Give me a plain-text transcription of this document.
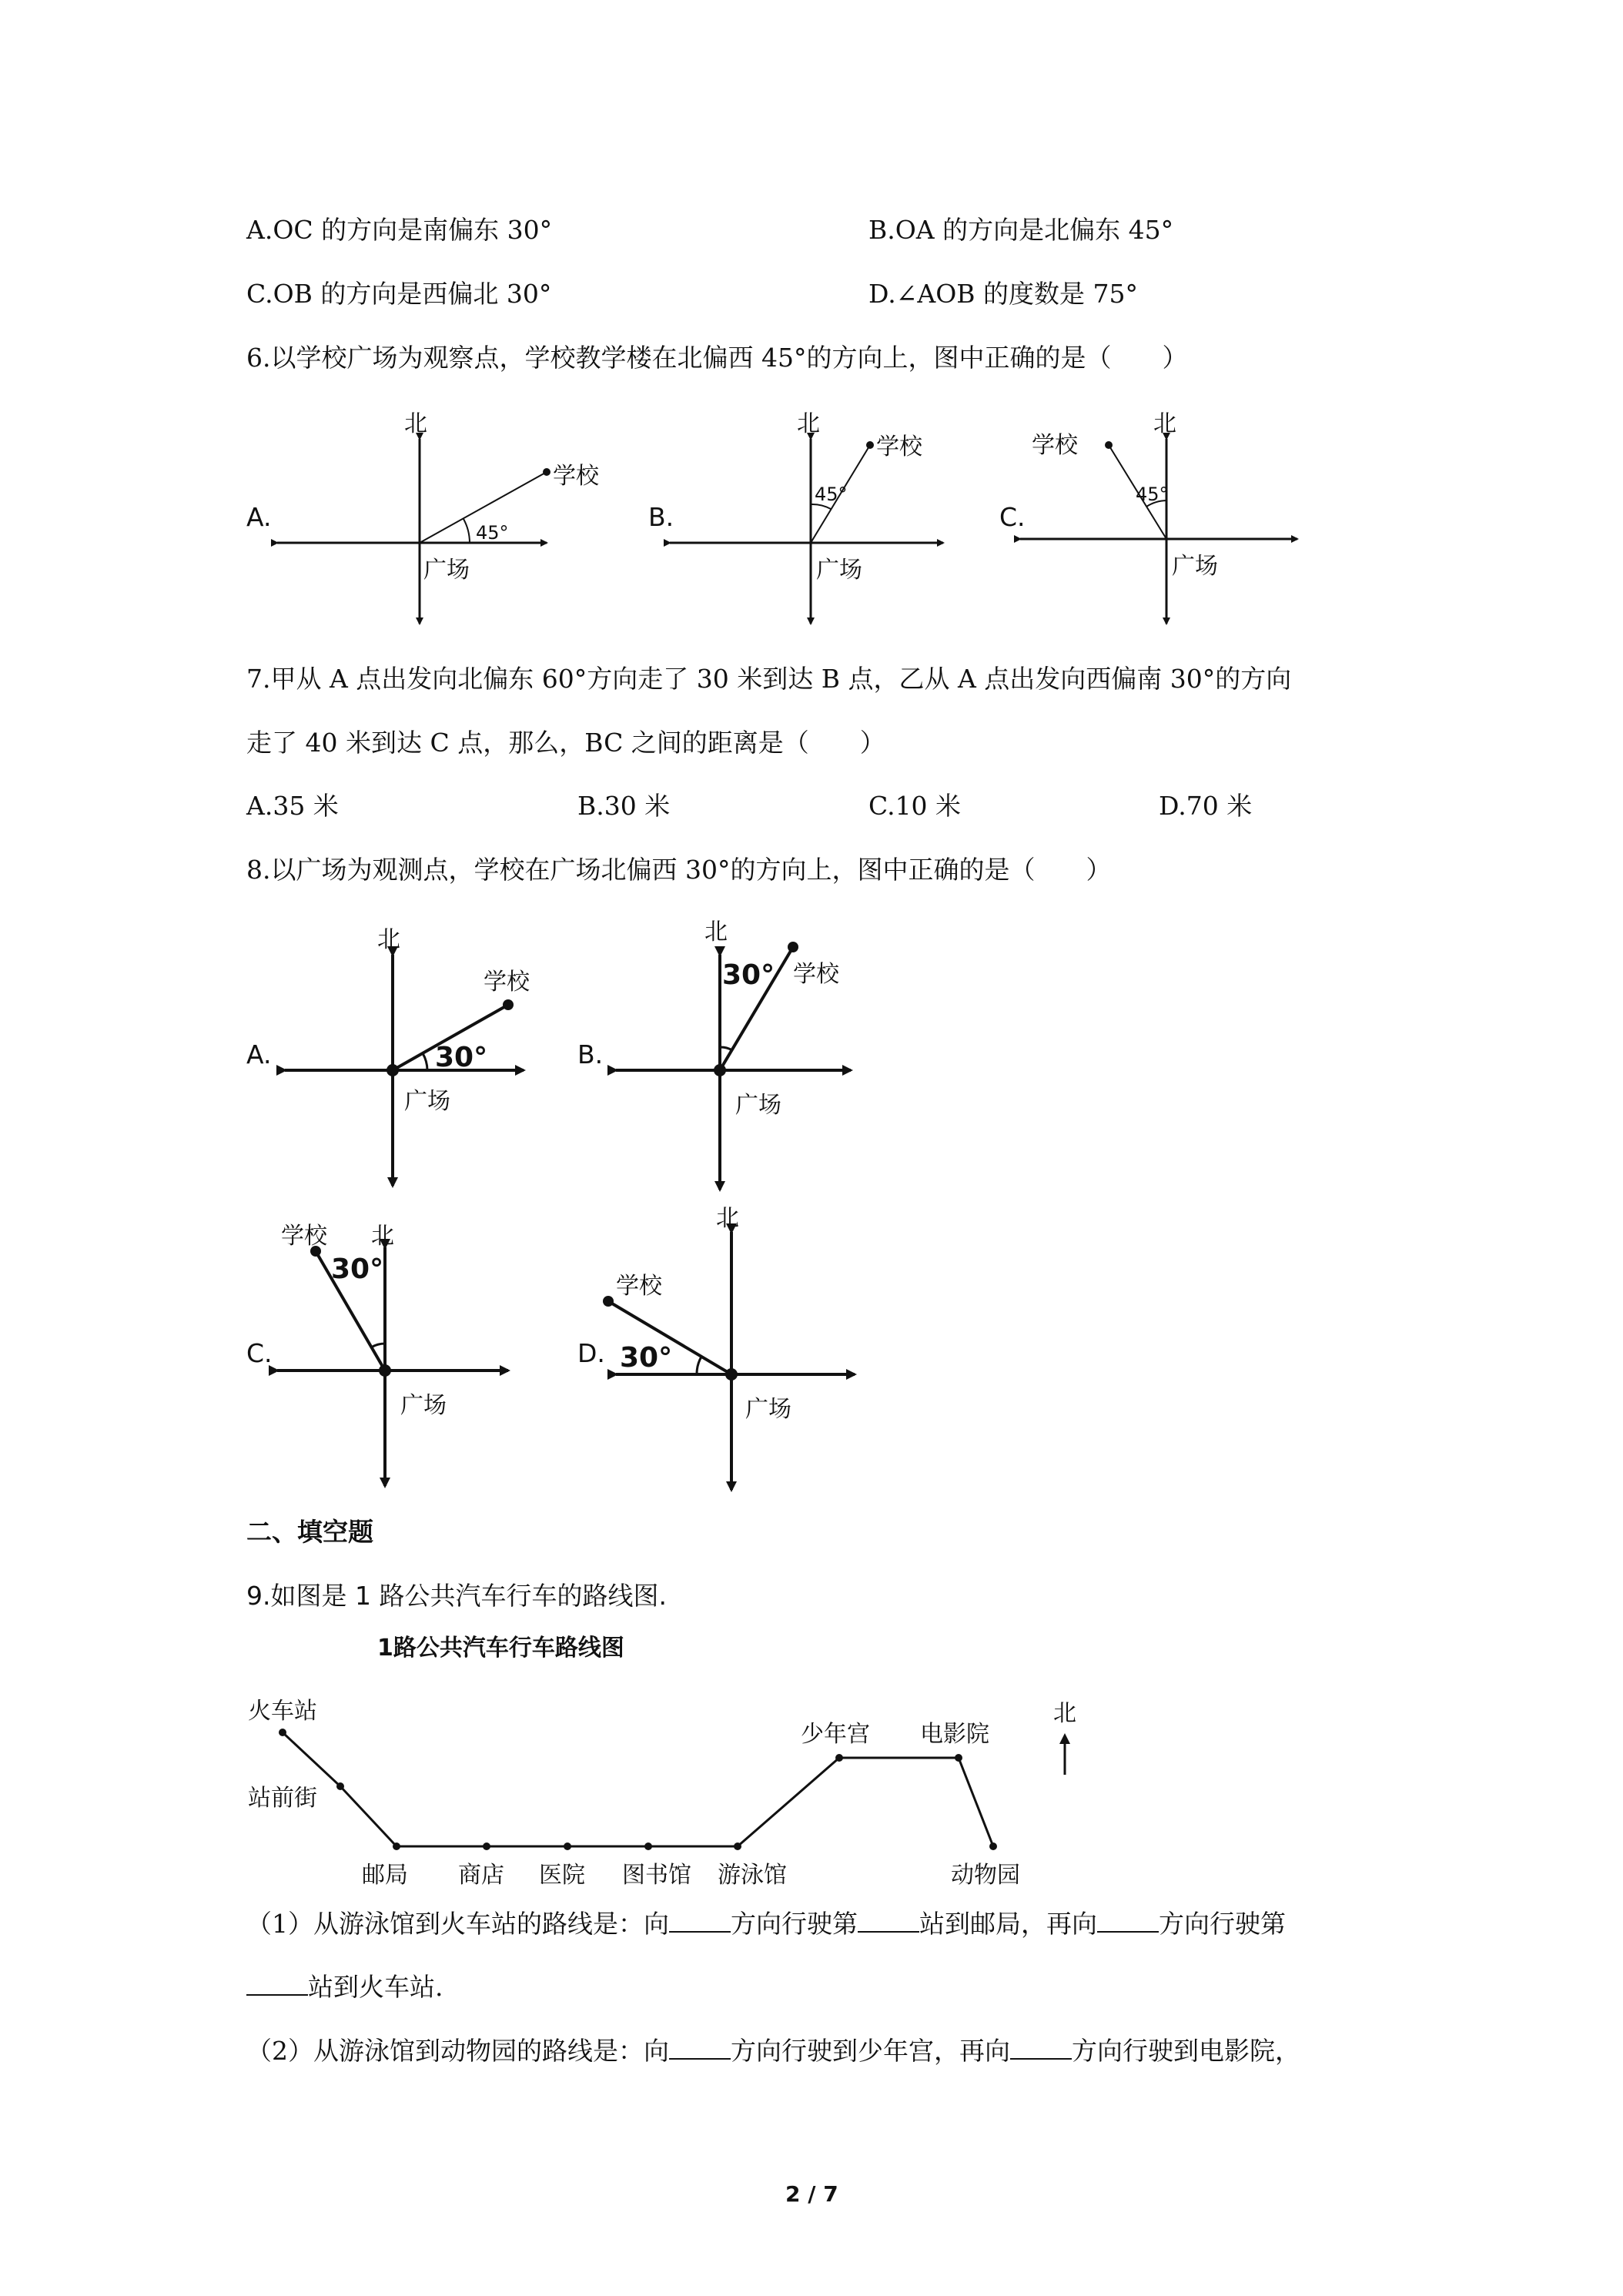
A.OC 的方向是南偏东 30°	B.OA 的方向是北偏东 45°
C.OB 的方向是西偏北 30°	D.∠AOB 的度数是 75°
6.以学校广场为观察点，学校教学楼在北偏西 45°的方向上，图中正确的是（　　）
A.	B.	C.
北
学校
广场
45°
北
学校
广场
45°
北
学校
广场
45°
7.甲从 A 点出发向北偏东 60°方向走了 30 米到达 B 点，乙从 A 点出发向西偏南 30°的方向
走了 40 米到达 C 点，那么，BC 之间的距离是（　　）
A.35 米	B.30 米	C.10 米	D.70 米
8.以广场为观测点，学校在广场北偏西 30°的方向上，图中正确的是（　　）
A.	B.
C.	D.
北
学校
广场
30°
北
学校
广场
30°
学校 北
广场
30°
北
学校
广场
30°
二、填空题
9.如图是 1 路公共汽车行车的路线图.
1路公共汽车行车路线图
火车站
站前街
邮局 商店 医院 图书馆 游泳馆
少年宫 电影院
动物园
北
（1）从游泳馆到火车站的路线是：向 方向行驶第 站到邮局，再向 方向行驶第
站到火车站.
（2）从游泳馆到动物园的路线是：向 方向行驶到少年宫，再向 方向行驶到电影院，
2 / 7
